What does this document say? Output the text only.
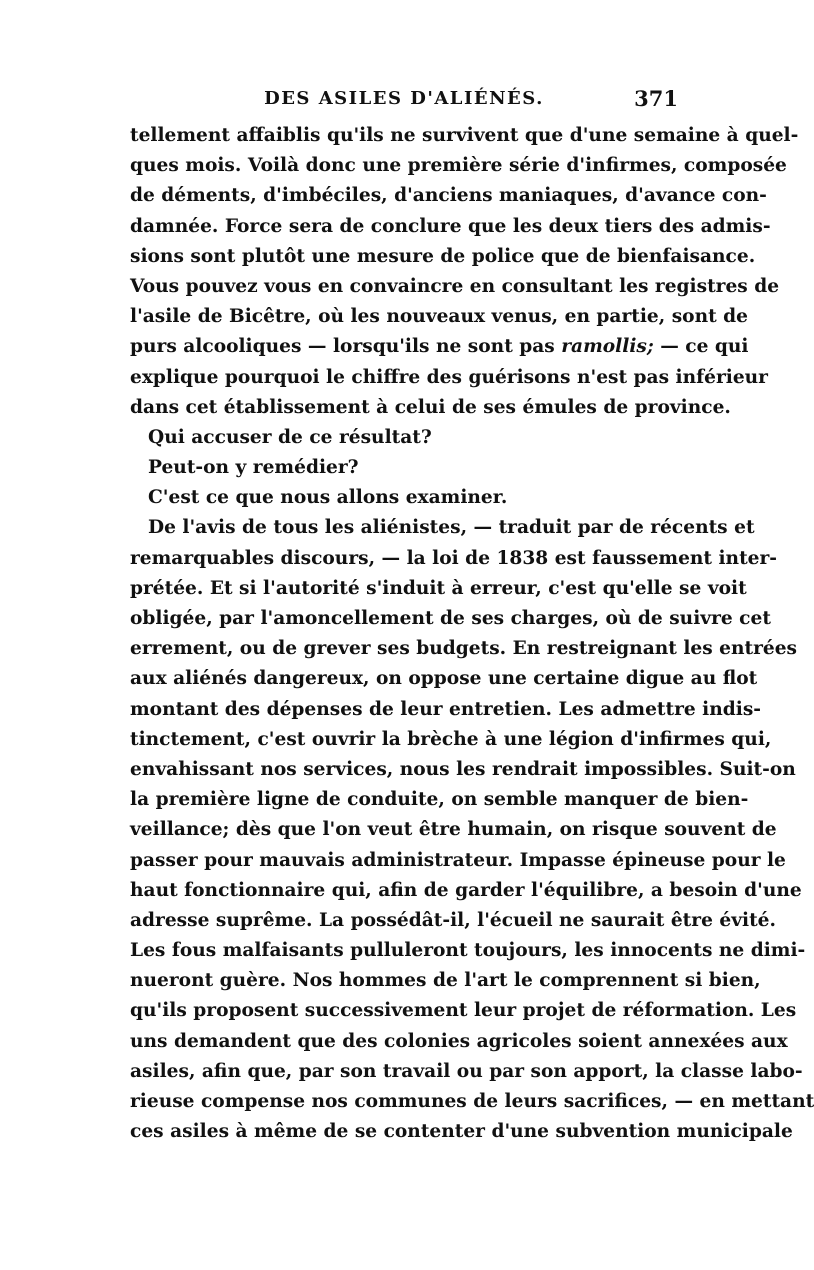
DES ASILES D'ALIÉNÉS.	371
tellement affaiblis qu'ils ne survivent que d'une semaine à quel-
ques mois. Voilà donc une première série d'infirmes, composée
de déments, d'imbéciles, d'anciens maniaques, d'avance con-
damnée. Force sera de conclure que les deux tiers des admis-
sions sont plutôt une mesure de police que de bienfaisance.
Vous pouvez vous en convaincre en consultant les registres de
l'asile de Bicêtre, où les nouveaux venus, en partie, sont de
purs alcooliques — lorsqu'ils ne sont pas ramollis; — ce qui
explique pourquoi le chiffre des guérisons n'est pas inférieur
dans cet établissement à celui de ses émules de province.
Qui accuser de ce résultat?
Peut-on y remédier?
C'est ce que nous allons examiner.
De l'avis de tous les aliénistes, — traduit par de récents et
remarquables discours, — la loi de 1838 est faussement inter-
prétée. Et si l'autorité s'induit à erreur, c'est qu'elle se voit
obligée, par l'amoncellement de ses charges, où de suivre cet
errement, ou de grever ses budgets. En restreignant les entrées
aux aliénés dangereux, on oppose une certaine digue au flot
montant des dépenses de leur entretien. Les admettre indis-
tinctement, c'est ouvrir la brèche à une légion d'infirmes qui,
envahissant nos services, nous les rendrait impossibles. Suit-on
la première ligne de conduite, on semble manquer de bien-
veillance; dès que l'on veut être humain, on risque souvent de
passer pour mauvais administrateur. Impasse épineuse pour le
haut fonctionnaire qui, afin de garder l'équilibre, a besoin d'une
adresse suprême. La possédât-il, l'écueil ne saurait être évité.
Les fous malfaisants pulluleront toujours, les innocents ne dimi-
nueront guère. Nos hommes de l'art le comprennent si bien,
qu'ils proposent successivement leur projet de réformation. Les
uns demandent que des colonies agricoles soient annexées aux
asiles, afin que, par son travail ou par son apport, la classe labo-
rieuse compense nos communes de leurs sacrifices, — en mettant
ces asiles à même de se contenter d'une subvention municipale
